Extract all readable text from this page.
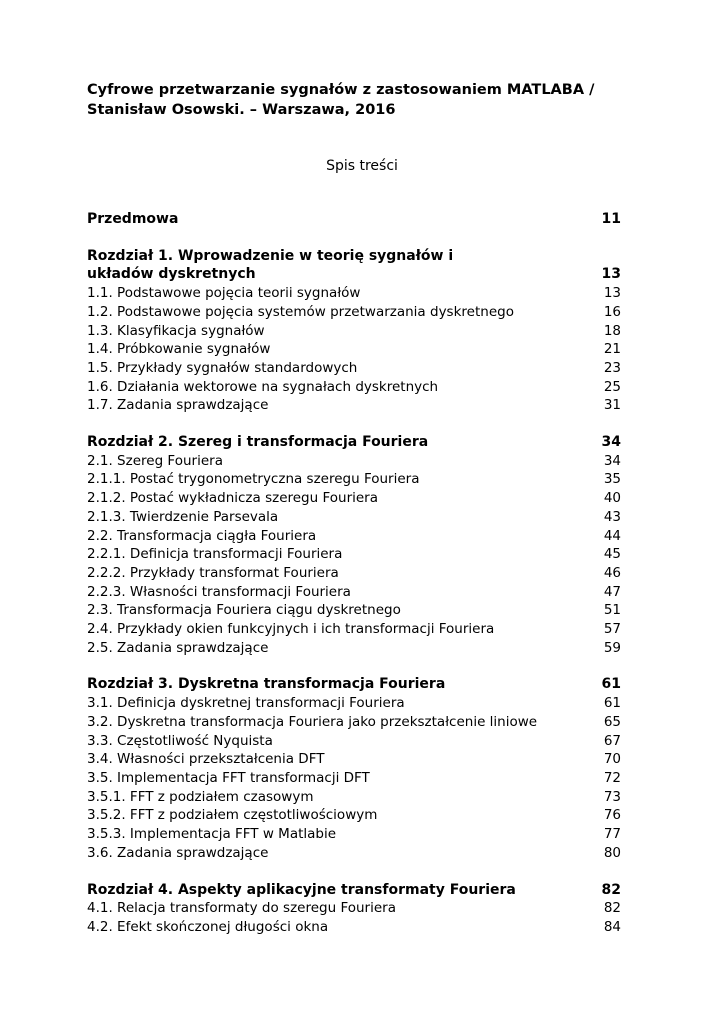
Cyfrowe przetwarzanie sygnałów z zastosowaniem MATLABA / Stanisław Osowski. – Warszawa, 2016

Spis treści

Przedmowa	11
Rozdział 1. Wprowadzenie w teorię sygnałów i układów dyskretnych	13
1.1. Podstawowe pojęcia teorii sygnałów	13
1.2. Podstawowe pojęcia systemów przetwarzania dyskretnego	16
1.3. Klasyfikacja sygnałów	18
1.4. Próbkowanie sygnałów	21
1.5. Przykłady sygnałów standardowych	23
1.6. Działania wektorowe na sygnałach dyskretnych	25
1.7. Zadania sprawdzające	31
Rozdział 2. Szereg i transformacja Fouriera	34
2.1. Szereg Fouriera	34
2.1.1. Postać trygonometryczna szeregu Fouriera	35
2.1.2. Postać wykładnicza szeregu Fouriera	40
2.1.3. Twierdzenie Parsevala	43
2.2. Transformacja ciągła Fouriera	44
2.2.1. Definicja transformacji Fouriera	45
2.2.2. Przykłady transformat Fouriera	46
2.2.3. Własności transformacji Fouriera	47
2.3. Transformacja Fouriera ciągu dyskretnego	51
2.4. Przykłady okien funkcyjnych i ich transformacji Fouriera	57
2.5. Zadania sprawdzające	59
Rozdział 3. Dyskretna transformacja Fouriera	61
3.1. Definicja dyskretnej transformacji Fouriera	61
3.2. Dyskretna transformacja Fouriera jako przekształcenie liniowe	65
3.3. Częstotliwość Nyquista	67
3.4. Własności przekształcenia DFT	70
3.5. Implementacja FFT transformacji DFT	72
3.5.1. FFT z podziałem czasowym	73
3.5.2. FFT z podziałem częstotliwościowym	76
3.5.3. Implementacja FFT w Matlabie	77
3.6. Zadania sprawdzające	80
Rozdział 4. Aspekty aplikacyjne transformaty Fouriera	82
4.1. Relacja transformaty do szeregu Fouriera	82
4.2. Efekt skończonej długości okna	84
